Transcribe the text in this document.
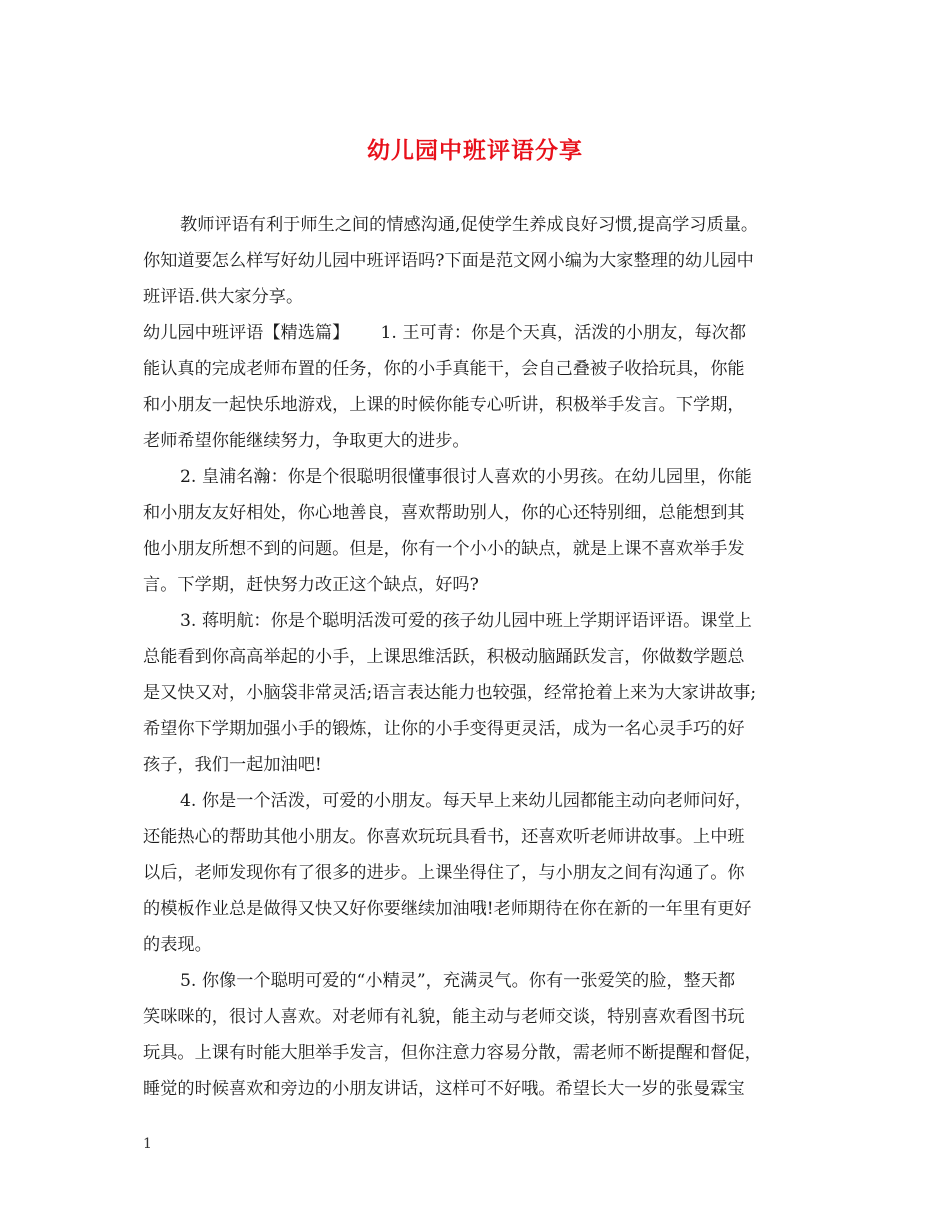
幼儿园中班评语分享
教师评语有利于师生之间的情感沟通,促使学生养成良好习惯,提高学习质量。
你知道要怎么样写好幼儿园中班评语吗?下面是范文网小编为大家整理的幼儿园中
班评语.供大家分享。
幼儿园中班评语【精选篇】　　 1. 王可青：你是个天真，活泼的小朋友，每次都
能认真的完成老师布置的任务，你的小手真能干，会自己叠被子收拾玩具，你能
和小朋友一起快乐地游戏，上课的时候你能专心听讲，积极举手发言。下学期，
老师希望你能继续努力，争取更大的进步。
2. 皇浦名瀚：你是个很聪明很懂事很讨人喜欢的小男孩。在幼儿园里，你能
和小朋友友好相处，你心地善良，喜欢帮助别人，你的心还特别细，总能想到其
他小朋友所想不到的问题。但是，你有一个小小的缺点，就是上课不喜欢举手发
言。下学期，赶快努力改正这个缺点，好吗?
3. 蒋明航：你是个聪明活泼可爱的孩子幼儿园中班上学期评语评语。课堂上
总能看到你高高举起的小手，上课思维活跃，积极动脑踊跃发言，你做数学题总
是又快又对，小脑袋非常灵活;语言表达能力也较强，经常抢着上来为大家讲故事;
希望你下学期加强小手的锻炼，让你的小手变得更灵活，成为一名心灵手巧的好
孩子，我们一起加油吧!
4. 你是一个活泼，可爱的小朋友。每天早上来幼儿园都能主动向老师问好，
还能热心的帮助其他小朋友。你喜欢玩玩具看书，还喜欢听老师讲故事。上中班
以后，老师发现你有了很多的进步。上课坐得住了，与小朋友之间有沟通了。你
的模板作业总是做得又快又好你要继续加油哦!老师期待在你在新的一年里有更好
的表现。
5. 你像一个聪明可爱的“小精灵”，充满灵气。你有一张爱笑的脸，整天都
笑咪咪的，很讨人喜欢。对老师有礼貌，能主动与老师交谈，特别喜欢看图书玩
玩具。上课有时能大胆举手发言，但你注意力容易分散，需老师不断提醒和督促，
睡觉的时候喜欢和旁边的小朋友讲话，这样可不好哦。希望长大一岁的张曼霖宝
1
